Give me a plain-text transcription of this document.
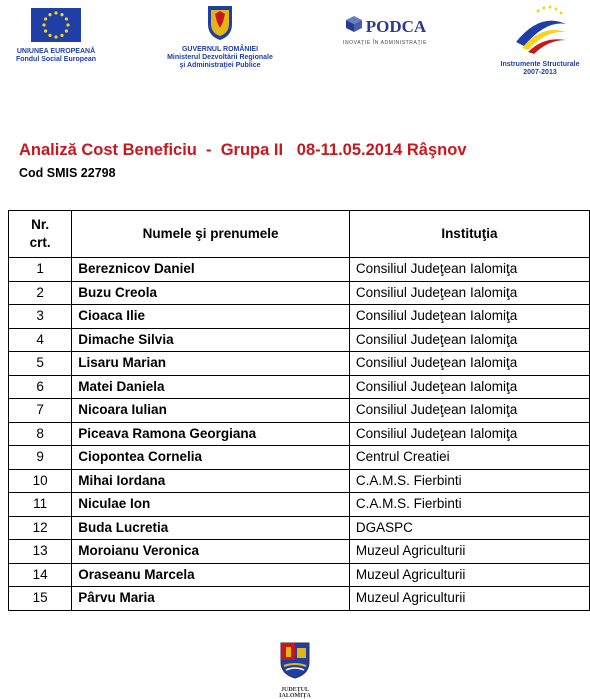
UNIUNEA EUROPEANĂ
Fondul Social European
GUVERNUL ROMÂNIEI
Ministerul Dezvoltării Regionale
şi Administraţiei Publice
PODCA
INOVAŢIE ÎN ADMINISTRAŢIE
Instrumente Structurale
2007-2013
Analiză Cost Beneficiu  -  Grupa II   08-11.05.2014 Râşnov
Cod SMIS 22798
Nr.
crt.	Numele şi prenumele	Instituţia
1	Bereznicov Daniel	Consiliul Judeţean Ialomiţa
2	Buzu Creola	Consiliul Judeţean Ialomiţa
3	Cioaca Ilie	Consiliul Judeţean Ialomiţa
4	Dimache Silvia	Consiliul Judeţean Ialomiţa
5	Lisaru Marian	Consiliul Judeţean Ialomiţa
6	Matei Daniela	Consiliul Judeţean Ialomiţa
7	Nicoara Iulian	Consiliul Judeţean Ialomiţa
8	Piceava Ramona Georgiana	Consiliul Judeţean Ialomiţa
9	Ciopontea Cornelia	Centrul Creatiei
10	Mihai Iordana	C.A.M.S. Fierbinti
11	Niculae Ion	C.A.M.S. Fierbinti
12	Buda Lucretia	DGASPC
13	Moroianu Veronica	Muzeul Agriculturii
14	Oraseanu Marcela	Muzeul Agriculturii
15	Pârvu Maria	Muzeul Agriculturii
JUDEŢUL IALOMIŢA
